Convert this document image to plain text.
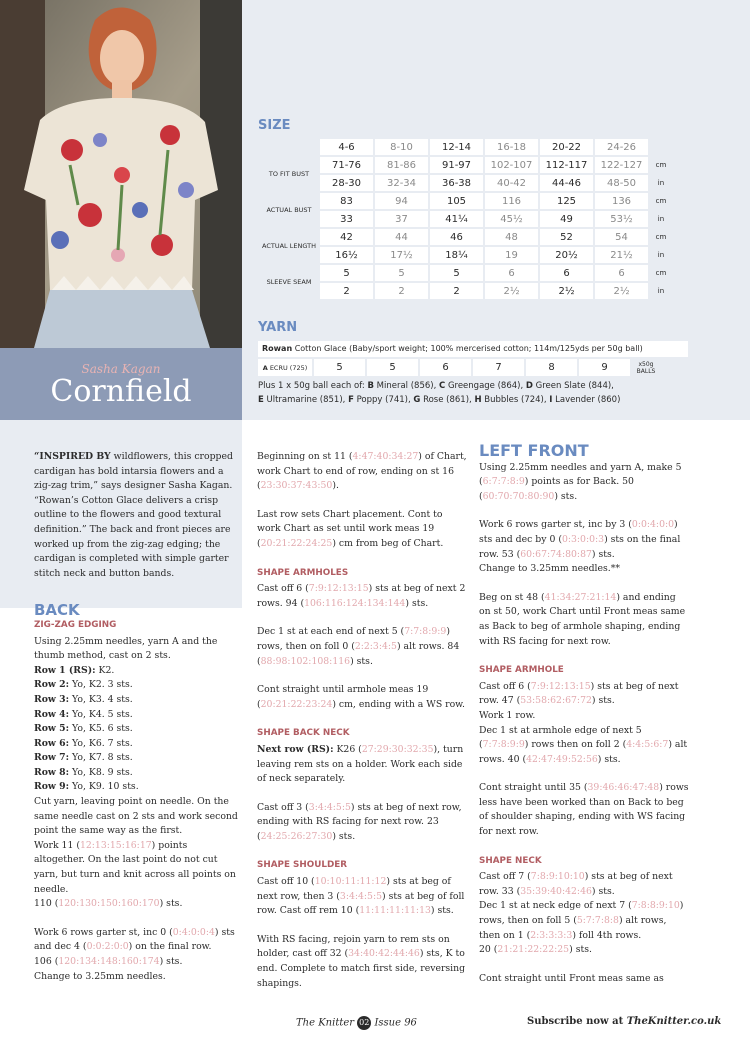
Sasha Kagan
Cornfield
SIZE
	4-6	8-10	12-14	16-18	20-22	24-26	
TO FIT BUST	71-76	81-86	91-97	102-107	112-117	122-127	cm
	28-30	32-34	36-38	40-42	44-46	48-50	in
ACTUAL BUST	83	94	105	116	125	136	cm
	33	37	41¼	45½	49	53½	in
ACTUAL LENGTH	42	44	46	48	52	54	cm
	16½	17½	18¼	19	20½	21½	in
SLEEVE SEAM	5	5	5	6	6	6	cm
	2	2	2	2½	2½	2½	in
YARN
Rowan Cotton Glace (Baby/sport weight; 100% mercerised cotton; 114m/125yds per 50g ball)
A ECRU (725)	5	5	6	7	8	9	x50g BALLS
Plus 1 x 50g ball each of: B Mineral (856), C Greengage (864), D Green Slate (844),
E Ultramarine (851), F Poppy (741), G Rose (861), H Bubbles (724), I Lavender (860)

“INSPIRED BY wildflowers, this cropped cardigan has bold intarsia flowers and a zig-zag trim,” says designer Sasha Kagan. “Rowan’s Cotton Glace delivers a crisp outline to the flowers and good textural definition.” The back and front pieces are worked up from the zig-zag edging; the cardigan is completed with simple garter stitch neck and button bands.

BACK
ZIG-ZAG EDGING
Using 2.25mm needles, yarn A and the thumb method, cast on 2 sts.
Row 1 (RS): K2.
Row 2: Yo, K2. 3 sts.
Row 3: Yo, K3. 4 sts.
Row 4: Yo, K4. 5 sts.
Row 5: Yo, K5. 6 sts.
Row 6: Yo, K6. 7 sts.
Row 7: Yo, K7. 8 sts.
Row 8: Yo, K8. 9 sts.
Row 9: Yo, K9. 10 sts.
Cut yarn, leaving point on needle. On the same needle cast on 2 sts and work second point the same way as the first.

Work 11 (12:13:15:16:17) points altogether. On the last point do not cut yarn, but turn and knit across all points on needle.
110 (120:130:150:160:170) sts.

Work 6 rows garter st, inc 0 (0:4:0:0:4) sts and dec 4 (0:0:2:0:0) on the final row.
106 (120:134:148:160:174) sts.
Change to 3.25mm needles.

Beginning on st 11 (4:47:40:34:27) of Chart, work Chart to end of row, ending on st 16 (23:30:37:43:50).

Last row sets Chart placement. Cont to work Chart as set until work meas 19 (20:21:22:24:25) cm from beg of Chart.

SHAPE ARMHOLES

Cast off 6 (7:9:12:13:15) sts at beg of next 2 rows. 94 (106:116:124:134:144) sts.

Dec 1 st at each end of next 5 (7:7:8:9:9) rows, then on foll 0 (2:2:3:4:5) alt rows. 84 (88:98:102:108:116) sts.

Cont straight until armhole meas 19 (20:21:22:23:24) cm, ending with a WS row.

SHAPE BACK NECK

Next row (RS): K26 (27:29:30:32:35), turn leaving rem sts on a holder. Work each side of neck separately.

Cast off 3 (3:4:4:5:5) sts at beg of next row, ending with RS facing for next row. 23 (24:25:26:27:30) sts.

SHAPE SHOULDER

Cast off 10 (10:10:11:11:12) sts at beg of next row, then 3 (3:4:4:5:5) sts at beg of foll row. Cast off rem 10 (11:11:11:11:13) sts.

With RS facing, rejoin yarn to rem sts on holder, cast off 32 (34:40:42:44:46) sts, K to end. Complete to match first side, reversing shapings.

LEFT FRONT

Using 2.25mm needles and yarn A, make 5 (6:7:7:8:9) points as for Back. 50 (60:70:70:80:90) sts.

Work 6 rows garter st, inc by 3 (0:0:4:0:0) sts and dec by 0 (0:3:0:0:3) sts on the final row. 53 (60:67:74:80:87) sts.
Change to 3.25mm needles.**

Beg on st 48 (41:34:27:21:14) and ending on st 50, work Chart until Front meas same as Back to beg of armhole shaping, ending with RS facing for next row.

SHAPE ARMHOLE

Cast off 6 (7:9:12:13:15) sts at beg of next row. 47 (53:58:62:67:72) sts.
Work 1 row.
Dec 1 st at armhole edge of next 5 (7:7:8:9:9) rows then on foll 2 (4:4:5:6:7) alt rows. 40 (42:47:49:52:56) sts.

Cont straight until 35 (39:46:46:47:48) rows less have been worked than on Back to beg of shoulder shaping, ending with WS facing for next row.

SHAPE NECK

Cast off 7 (7:8:9:10:10) sts at beg of next row. 33 (35:39:40:42:46) sts.
Dec 1 st at neck edge of next 7 (7:8:8:9:10) rows, then on foll 5 (5:7:7:8:8) alt rows, then on 1 (2:3:3:3:3) foll 4th rows.
20 (21:21:22:22:25) sts.

Cont straight until Front meas same as

The Knitter 02 Issue 96	Subscribe now at TheKnitter.co.uk
